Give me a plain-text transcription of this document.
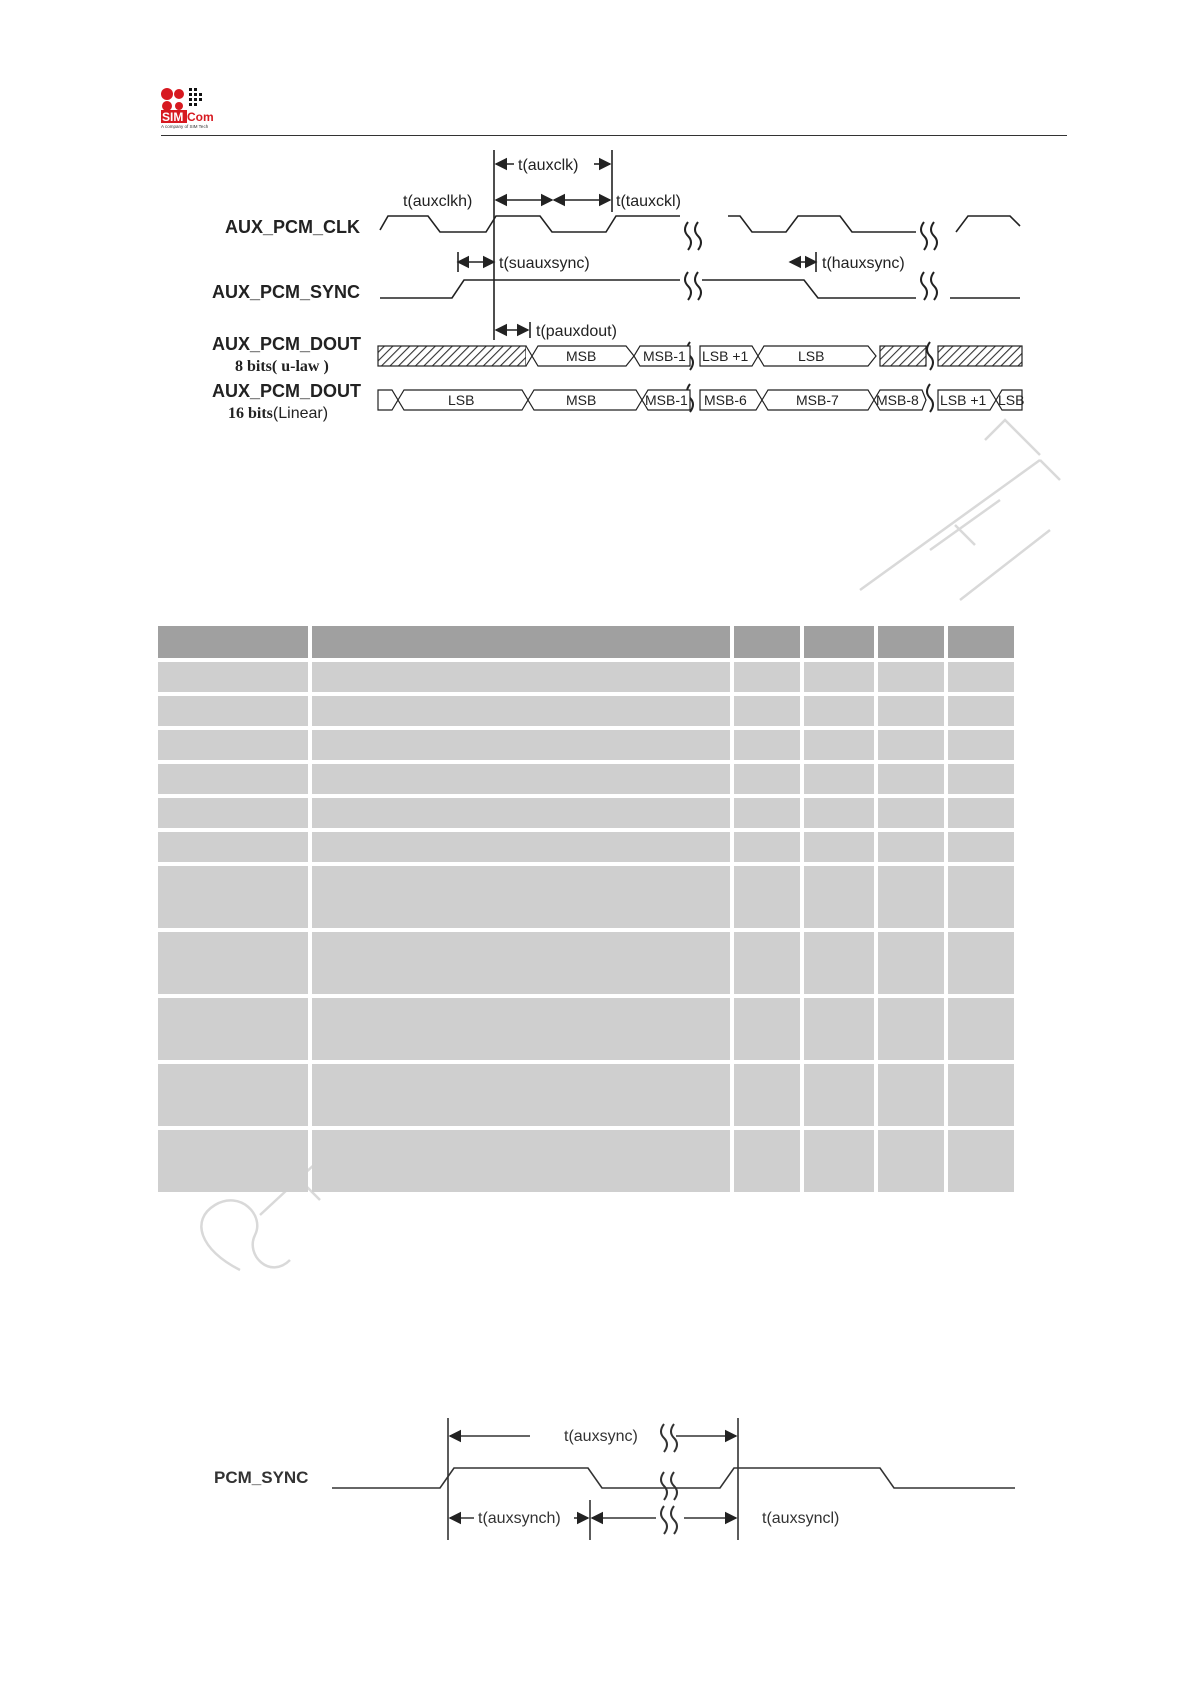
SIM Com
A company of SIM Tech
AUX_PCM_CLK
AUX_PCM_SYNC
AUX_PCM_DOUT
8 bits( u-law )
AUX_PCM_DOUT
16 bits(Linear)
t(auxclk)
t(auxclkh)	t(tauxckl)
t(suauxsync)	t(hauxsync)
t(pauxdout)
MSB	MSB-1 LSB +1	LSB
LSB	MSB	MSB-1 MSB-6	MSB-7	MSB-8 LSB +1 LSB

PCM_SYNC
t(auxsync)
t(auxsynch)	t(auxsyncl)
